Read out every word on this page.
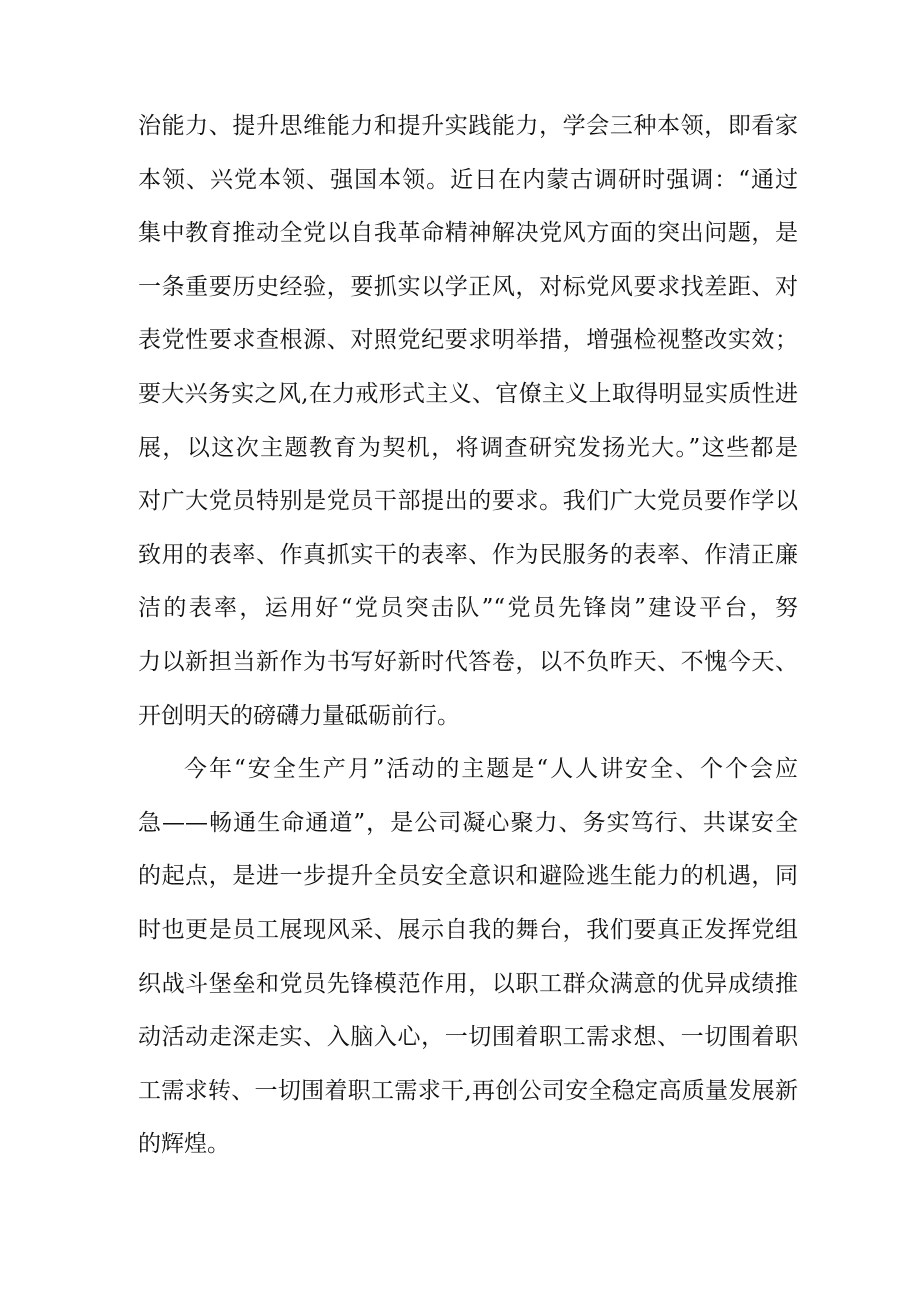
治能力、提升思维能力和提升实践能力，学会三种本领，即看家
本领、兴党本领、强国本领。近日在内蒙古调研时强调：“通过
集中教育推动全党以自我革命精神解决党风方面的突出问题，是
一条重要历史经验，要抓实以学正风，对标党风要求找差距、对
表党性要求查根源、对照党纪要求明举措，增强检视整改实效；
要大兴务实之风,在力戒形式主义、官僚主义上取得明显实质性进
展，以这次主题教育为契机，将调查研究发扬光大。”这些都是
对广大党员特别是党员干部提出的要求。我们广大党员要作学以
致用的表率、作真抓实干的表率、作为民服务的表率、作清正廉
洁的表率，运用好“党员突击队”“党员先锋岗”建设平台，努
力以新担当新作为书写好新时代答卷，以不负昨天、不愧今天、
开创明天的磅礴力量砥砺前行。
今年“安全生产月”活动的主题是“人人讲安全、个个会应
急——畅通生命通道”，是公司凝心聚力、务实笃行、共谋安全
的起点，是进一步提升全员安全意识和避险逃生能力的机遇，同
时也更是员工展现风采、展示自我的舞台，我们要真正发挥党组
织战斗堡垒和党员先锋模范作用，以职工群众满意的优异成绩推
动活动走深走实、入脑入心，一切围着职工需求想、一切围着职
工需求转、一切围着职工需求干,再创公司安全稳定高质量发展新
的辉煌。
